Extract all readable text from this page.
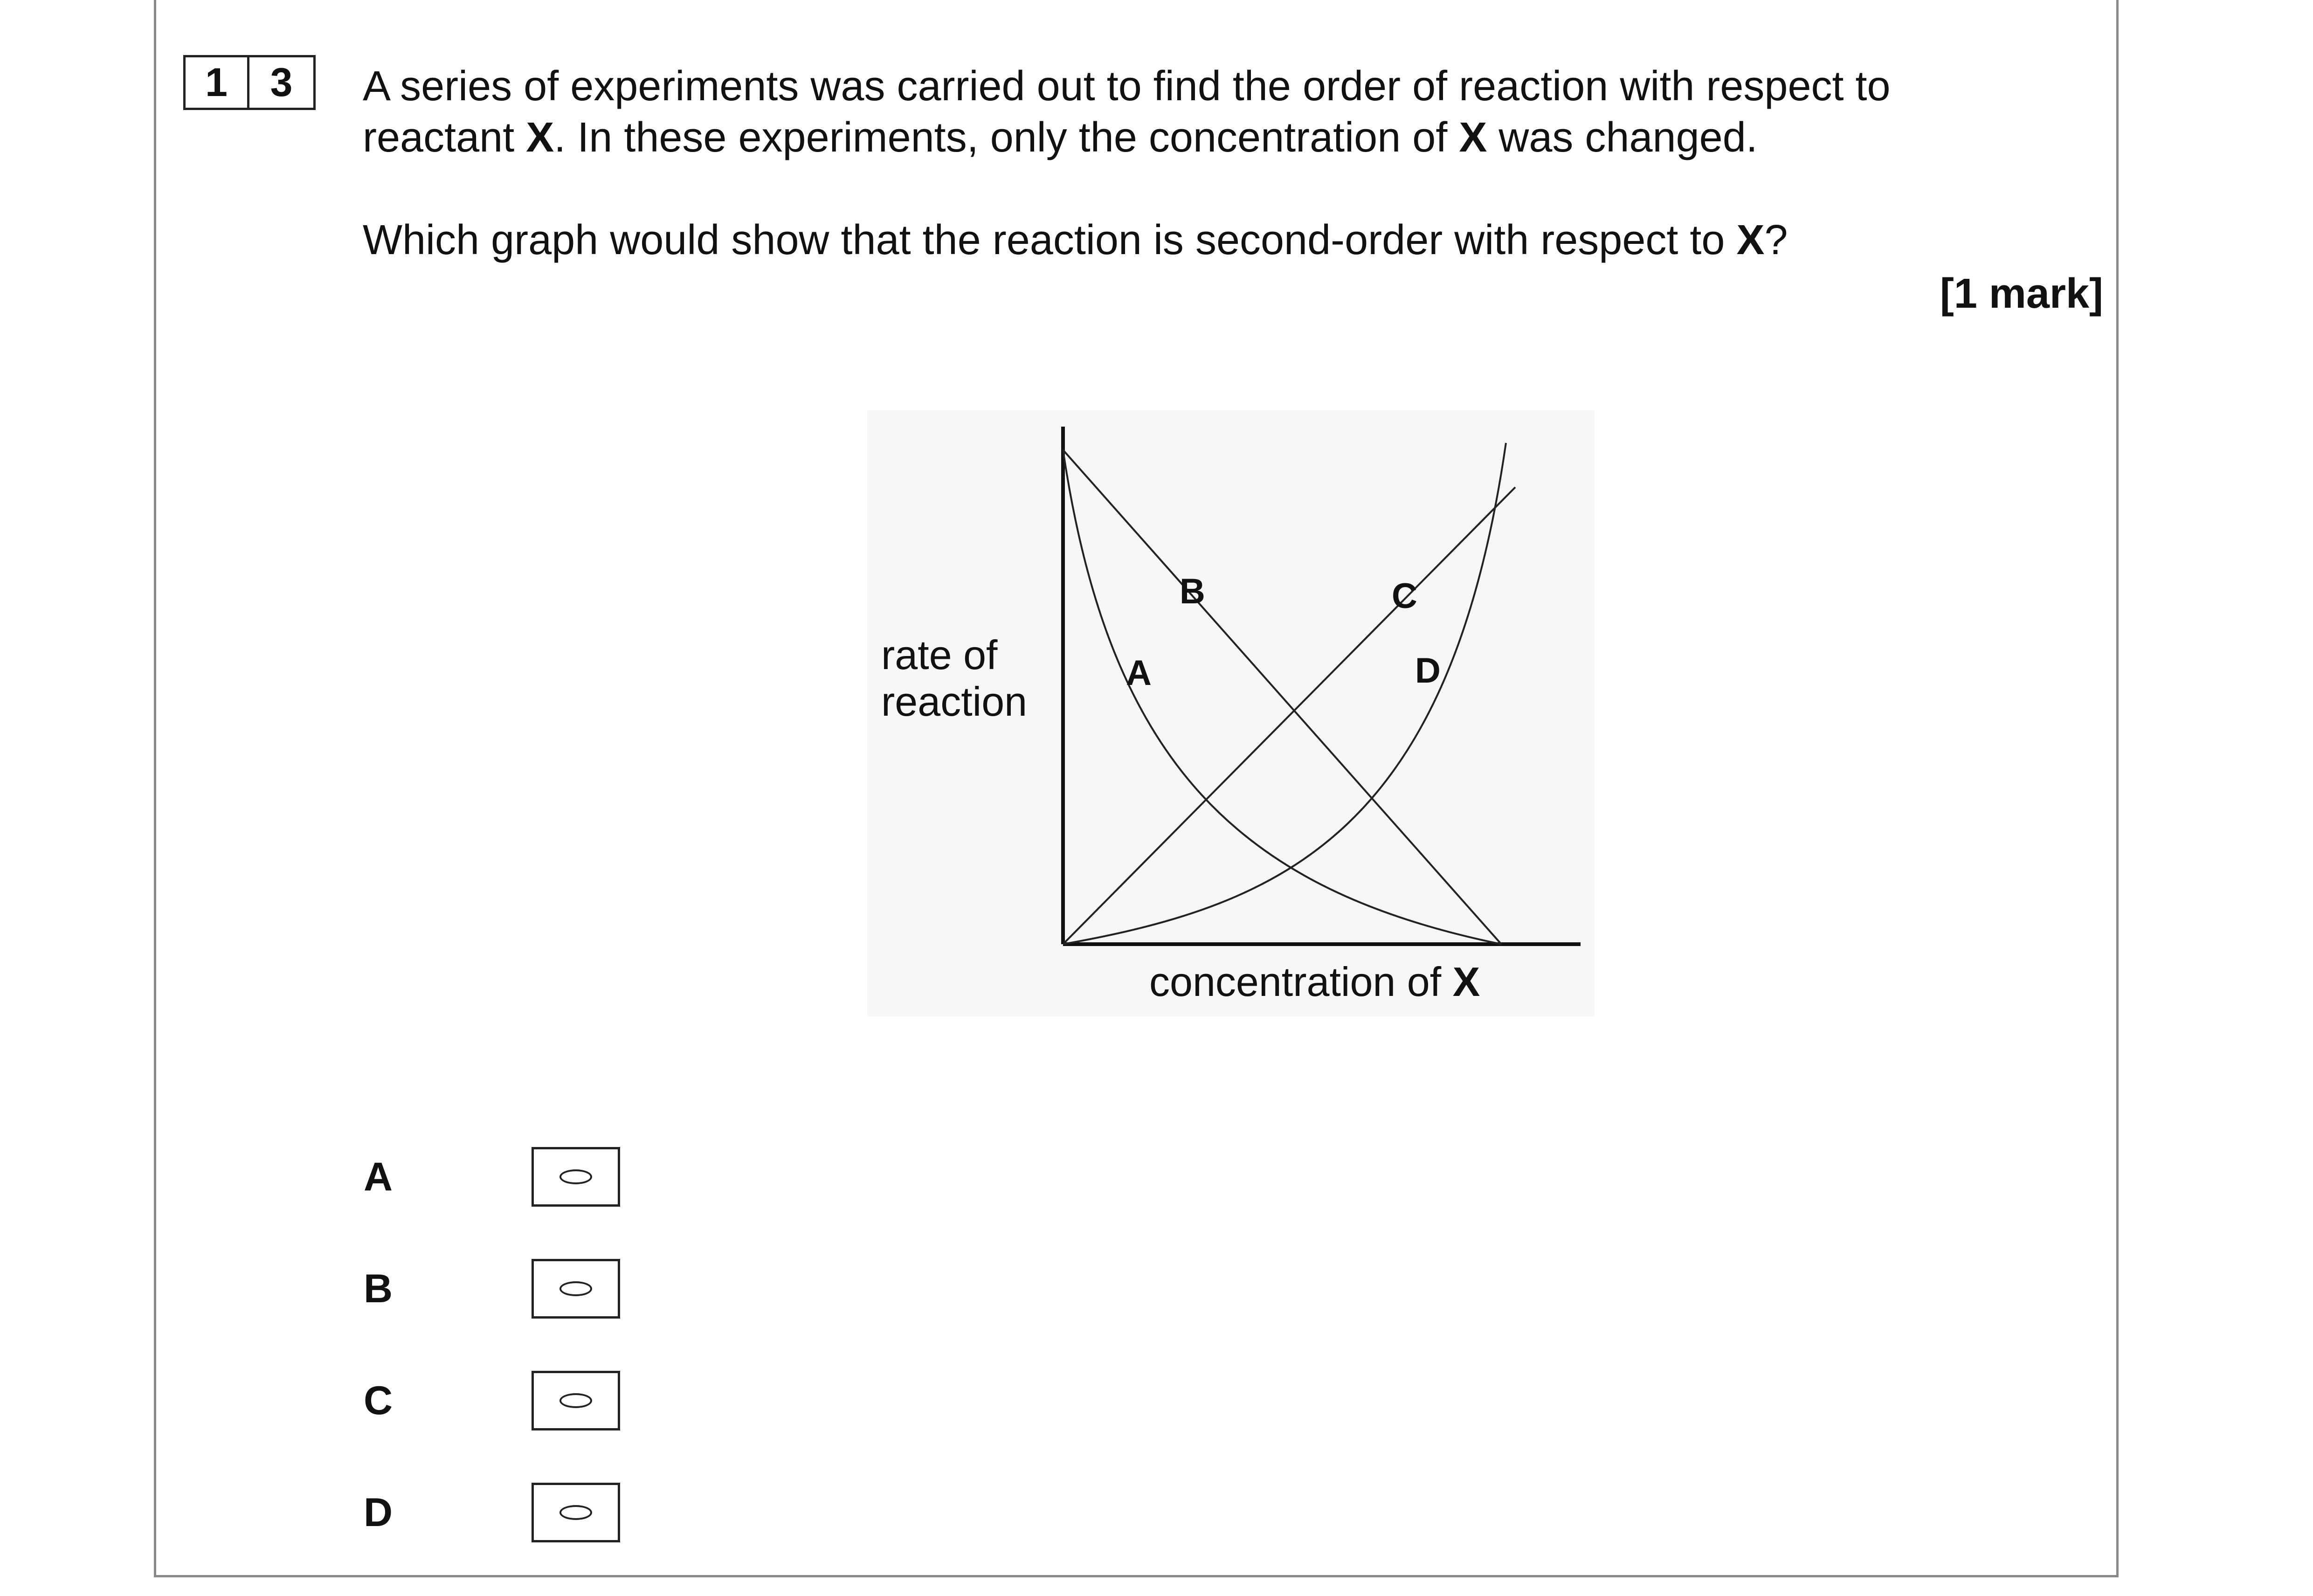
1	3	A series of experiments was carried out to find the order of reaction with respect to
reactant X. In these experiments, only the concentration of X was changed.
Which graph would show that the reaction is second-order with respect to X?
[1 mark]
rate of
reaction
concentration of X
A
B	C
D
A
B
C
D
